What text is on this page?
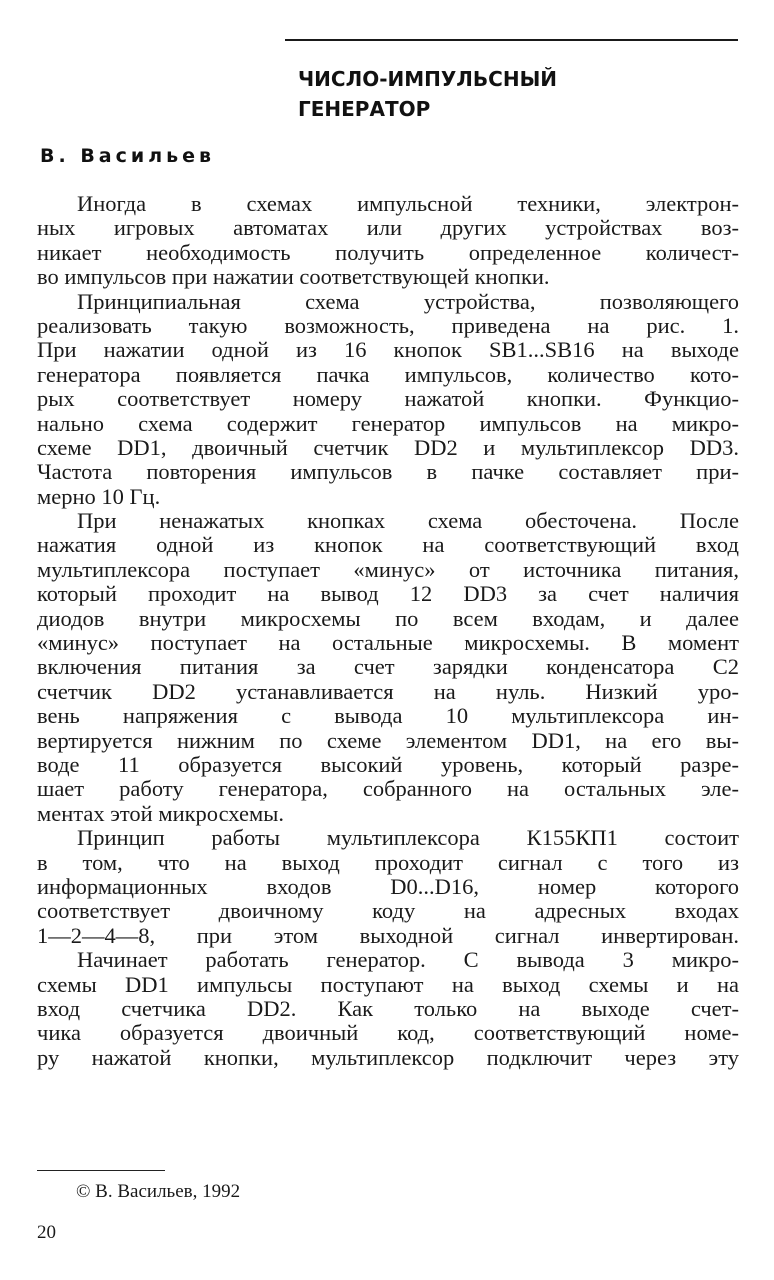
ЧИСЛО-ИМПУЛЬСНЫЙ
ГЕНЕРАТОР
В. Васильев
Иногда в схемах импульсной техники, электрон-
ных игровых автоматах или других устройствах воз-
никает необходимость получить определенное количест-
во импульсов при нажатии соответствующей кнопки.
Принципиальная схема устройства, позволяющего
реализовать такую возможность, приведена на рис. 1.
При нажатии одной из 16 кнопок SB1...SB16 на выходе
генератора появляется пачка импульсов, количество кото-
рых соответствует номеру нажатой кнопки. Функцио-
нально схема содержит генератор импульсов на микро-
схеме DD1, двоичный счетчик DD2 и мультиплексор DD3.
Частота повторения импульсов в пачке составляет при-
мерно 10 Гц.
При ненажатых кнопках схема обесточена. После
нажатия одной из кнопок на соответствующий вход
мультиплексора поступает «минус» от источника питания,
который проходит на вывод 12 DD3 за счет наличия
диодов внутри микросхемы по всем входам, и далее
«минус» поступает на остальные микросхемы. В момент
включения питания за счет зарядки конденсатора С2
счетчик DD2 устанавливается на нуль. Низкий уро-
вень напряжения с вывода 10 мультиплексора ин-
вертируется нижним по схеме элементом DD1, на его вы-
воде 11 образуется высокий уровень, который разре-
шает работу генератора, собранного на остальных эле-
ментах этой микросхемы.
Принцип работы мультиплексора К155КП1 состоит
в том, что на выход проходит сигнал с того из
информационных входов D0...D16, номер которого
соответствует двоичному коду на адресных входах
1—2—4—8, при этом выходной сигнал инвертирован.
Начинает работать генератор. С вывода 3 микро-
схемы DD1 импульсы поступают на выход схемы и на
вход счетчика DD2. Как только на выходе счет-
чика образуется двоичный код, соответствующий номе-
ру нажатой кнопки, мультиплексор подключит через эту
© В. Васильев, 1992
20
